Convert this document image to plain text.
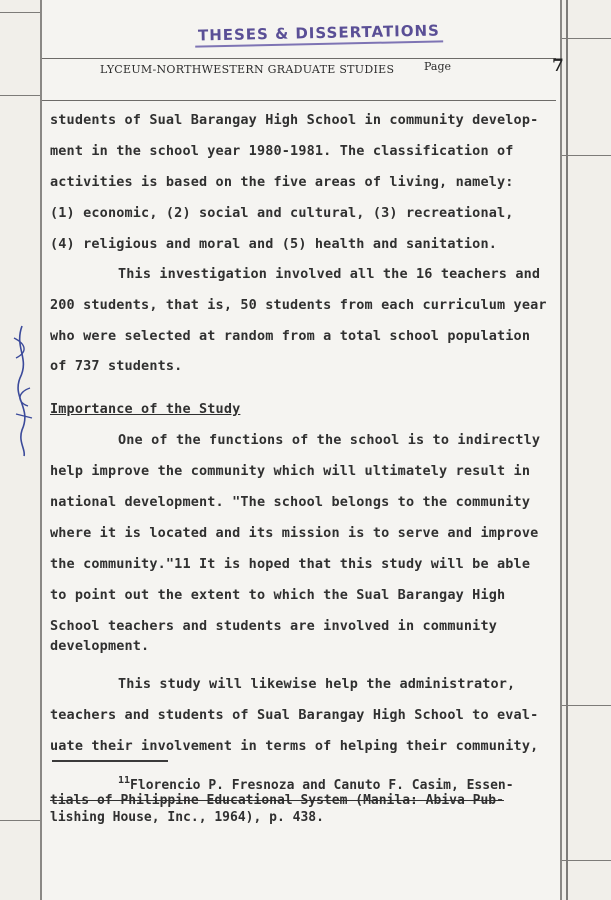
THESES & DISSERTATIONS
LYCEUM-NORTHWESTERN GRADUATE STUDIES	Page	7
students of Sual Barangay High School in community develop-
ment in the school year 1980-1981. The classification of
activities is based on the five areas of living, namely:
(1) economic, (2) social and cultural, (3) recreational,
(4) religious and moral and (5) health and sanitation.
This investigation involved all the 16 teachers and
200 students, that is, 50 students from each curriculum year
who were selected at random from a total school population
of 737 students.
Importance of the Study
One of the functions of the school is to indirectly
help improve the community which will ultimately result in
national development. "The school belongs to the community
where it is located and its mission is to serve and improve
the community."11 It is hoped that this study will be able
to point out the extent to which the Sual Barangay High
School teachers and students are involved in community
development.
This study will likewise help the administrator,
teachers and students of Sual Barangay High School to eval-
uate their involvement in terms of helping their community,
$^{11}$Florencio P. Fresnoza and Canuto F. Casim, Essen-
tials of Philippine Educational System (Manila: Abiva Pub-
lishing House, Inc., 1964), p. 438.
